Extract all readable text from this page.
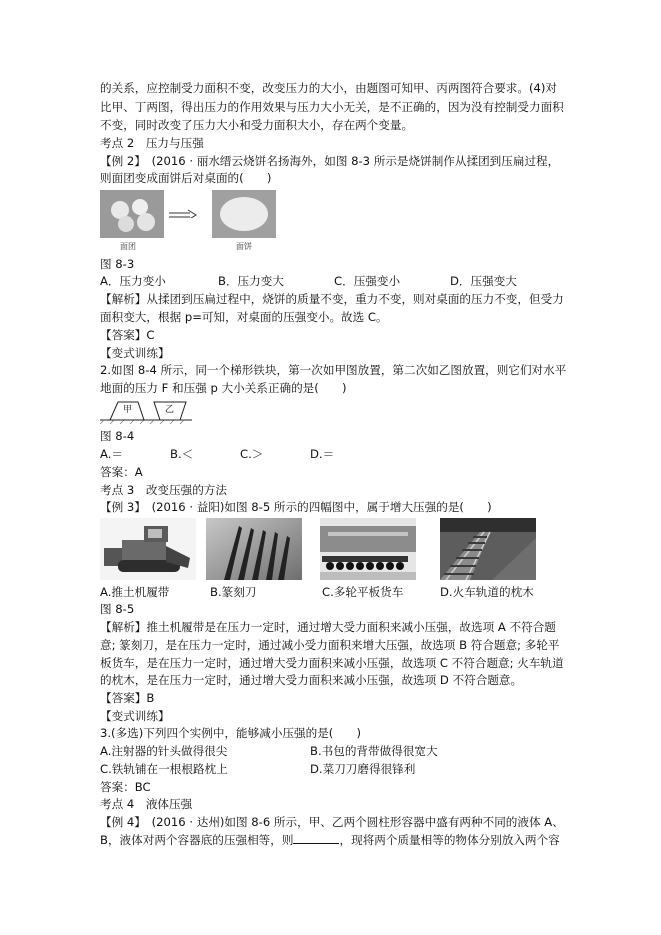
的关系，应控制受力面积不变，改变压力的大小，由题图可知甲、丙两图符合要求。(4)对
比甲、丁两图，得出压力的作用效果与压力大小无关，是不正确的，因为没有控制受力面积
不变，同时改变了压力大小和受力面积大小，存在两个变量。
考点 2　压力与压强
【例 2】　(2016 · 丽水缙云烧饼名扬海外，如图 8-3 所示是烧饼制作从揉团到压扁过程，
则面团变成面饼后对桌面的(　　)
面团	面饼
图 8-3
A．压力变小	B．压力变大	C．压强变小	D．压强变大
【解析】从揉团到压扁过程中，烧饼的质量不变，重力不变，则对桌面的压力不变，但受力
面积变大，根据 p=可知，对桌面的压强变小。故选 C。
【答案】C
【变式训练】
2.如图 8-4 所示，同一个梯形铁块，第一次如甲图放置，第二次如乙图放置，则它们对水平
地面的压力 F 和压强 p 大小关系正确的是(　　)
甲	乙
图 8-4
A.＝	B.＜	C.＞	D.＝
答案：A
考点 3　改变压强的方法
【例 3】　(2016 · 益阳)如图 8-5 所示的四幅图中，属于增大压强的是(　　)
A.推土机履带	B.篆刻刀	C.多轮平板货车	D.火车轨道的枕木
图 8-5
【解析】推土机履带是在压力一定时，通过增大受力面积来减小压强，故选项 A 不符合题
意; 篆刻刀，是在压力一定时，通过减小受力面积来增大压强，故选项 B 符合题意; 多轮平
板货车，是在压力一定时，通过增大受力面积来减小压强，故选项 C 不符合题意; 火车轨道
的枕木，是在压力一定时，通过增大受力面积来减小压强，故选项 D 不符合题意。
【答案】B
【变式训练】
3.(多选)下列四个实例中，能够减小压强的是(　　)
A.注射器的针头做得很尖	B.书包的背带做得很宽大
C.铁轨铺在一根根路枕上	D.菜刀刀磨得很锋利
答案：BC
考点 4　液体压强
【例 4】　(2016 · 达州)如图 8-6 所示，甲、乙两个圆柱形容器中盛有两种不同的液体 A、
B，液体对两个容器底的压强相等，则	，现将两个质量相等的物体分别放入两个容
